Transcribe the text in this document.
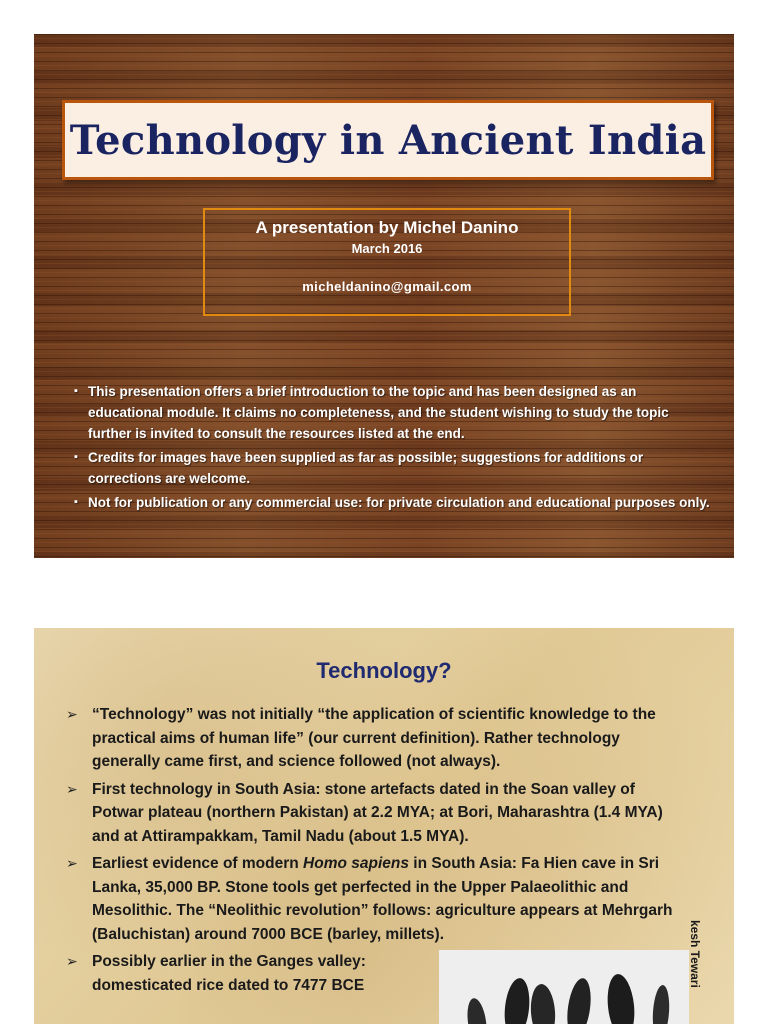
Technology in Ancient India
A presentation by Michel Danino
March 2016
micheldanino@gmail.com
▪ This presentation offers a brief introduction to the topic and has been designed as an educational module. It claims no completeness, and the student wishing to study the topic further is invited to consult the resources listed at the end.
▪ Credits for images have been supplied as far as possible; suggestions for additions or corrections are welcome.
▪ Not for publication or any commercial use: for private circulation and educational purposes only.
Technology?
➢ “Technology” was not initially “the application of scientific knowledge to the practical aims of human life” (our current definition). Rather technology generally came first, and science followed (not always).
➢ First technology in South Asia: stone artefacts dated in the Soan valley of Potwar plateau (northern Pakistan) at 2.2 MYA; at Bori, Maharashtra (1.4 MYA) and at Attirampakkam, Tamil Nadu (about 1.5 MYA).
➢ Earliest evidence of modern Homo sapiens in South Asia: Fa Hien cave in Sri Lanka, 35,000 BP. Stone tools get perfected in the Upper Palaeolithic and Mesolithic. The “Neolithic revolution” follows: agriculture appears at Mehrgarh (Baluchistan) around 7000 BCE (barley, millets).
➢ Possibly earlier in the Ganges valley: domesticated rice dated to 7477 BCE	kesh Tewari
